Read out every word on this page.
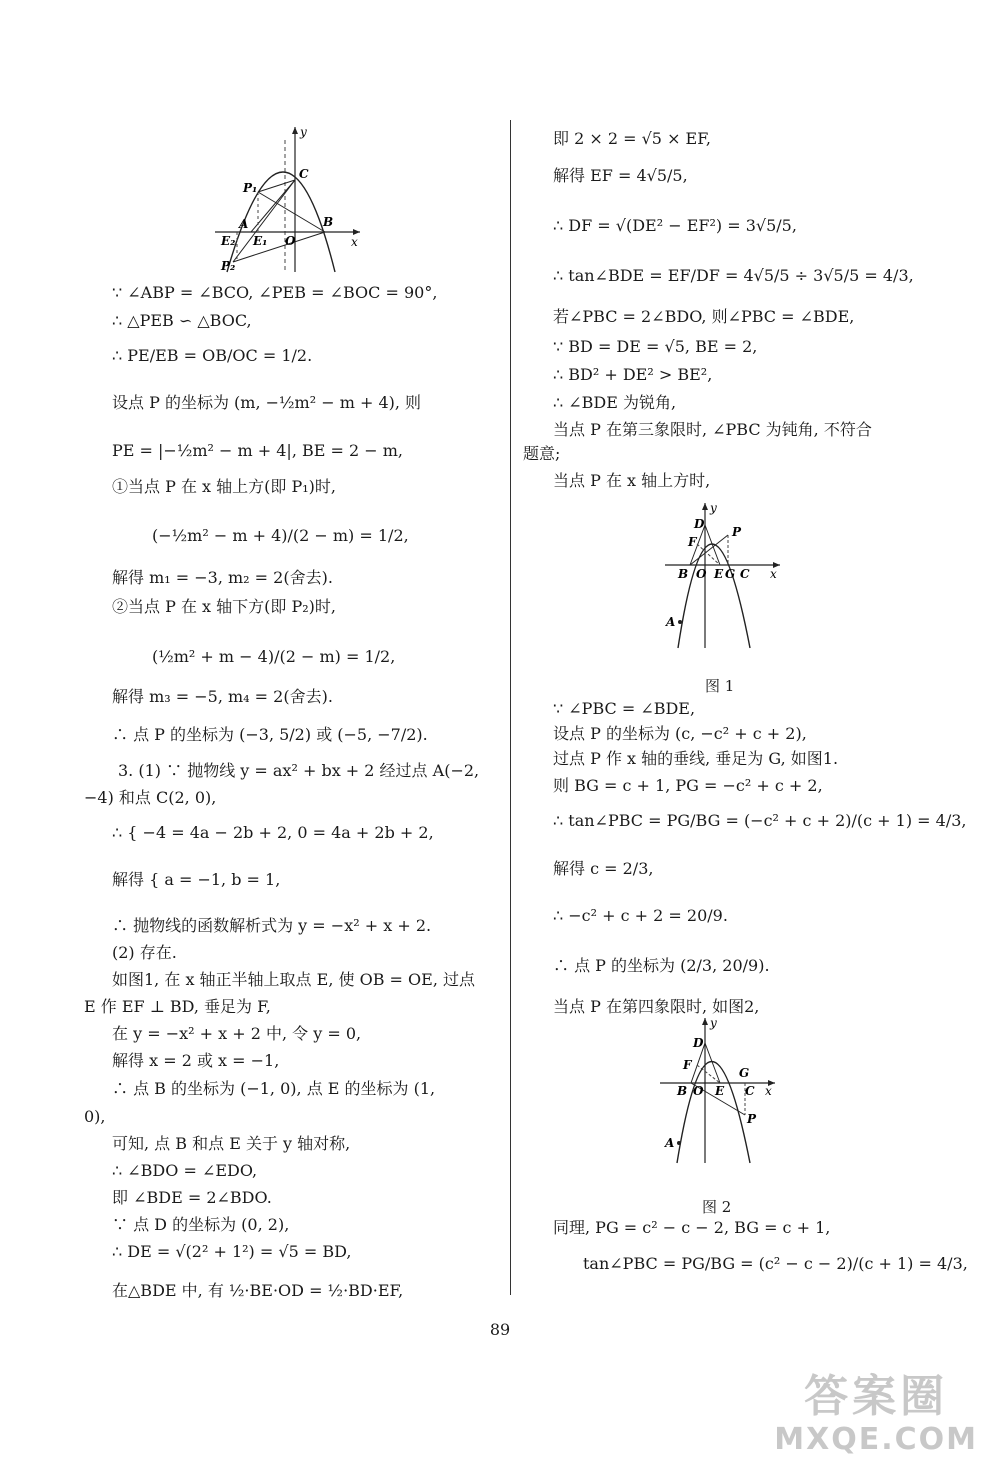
y
x
C
P₁
A	B
E₂ E₁ O
P₂
∵ ∠ABP = ∠BCO, ∠PEB = ∠BOC = 90°,
∴ △PEB ∽ △BOC,
∴ PE/EB = OB/OC = 1/2.
设点 P 的坐标为 (m, −½m² − m + 4), 则
PE = |−½m² − m + 4|, BE = 2 − m,
①当点 P 在 x 轴上方(即 P₁)时,
(−½m² − m + 4)/(2 − m) = 1/2,
解得 m₁ = −3, m₂ = 2(舍去).
②当点 P 在 x 轴下方(即 P₂)时,
(½m² + m − 4)/(2 − m) = 1/2,
解得 m₃ = −5, m₄ = 2(舍去).
∴ 点 P 的坐标为 (−3, 5/2) 或 (−5, −7/2).
3. (1) ∵ 抛物线 y = ax² + bx + 2 经过点 A(−2,
−4) 和点 C(2, 0),
∴ { −4 = 4a − 2b + 2, 0 = 4a + 2b + 2,
解得 { a = −1, b = 1,
∴ 抛物线的函数解析式为 y = −x² + x + 2.
(2) 存在.
如图1, 在 x 轴正半轴上取点 E, 使 OB = OE, 过点
E 作 EF ⊥ BD, 垂足为 F,
在 y = −x² + x + 2 中, 令 y = 0,
解得 x = 2 或 x = −1,
∴ 点 B 的坐标为 (−1, 0), 点 E 的坐标为 (1,
0),
可知, 点 B 和点 E 关于 y 轴对称,
∴ ∠BDO = ∠EDO,
即 ∠BDE = 2∠BDO.
∵ 点 D 的坐标为 (0, 2),
∴ DE = √(2² + 1²) = √5 = BD,
在△BDE 中, 有 ½·BE·OD = ½·BD·EF,
即 2 × 2 = √5 × EF,
解得 EF = 4√5/5,
∴ DF = √(DE² − EF²) = 3√5/5,
∴ tan∠BDE = EF/DF = 4√5/5 ÷ 3√5/5 = 4/3,
若∠PBC = 2∠BDO, 则∠PBC = ∠BDE,
∵ BD = DE = √5, BE = 2,
∴ BD² + DE² > BE²,
∴ ∠BDE 为锐角,
当点 P 在第三象限时, ∠PBC 为钝角, 不符合
题意;
当点 P 在 x 轴上方时,
∵ ∠PBC = ∠BDE,
设点 P 的坐标为 (c, −c² + c + 2),
过点 P 作 x 轴的垂线, 垂足为 G, 如图1.
则 BG = c + 1, PG = −c² + c + 2,
∴ tan∠PBC = PG/BG = (−c² + c + 2)/(c + 1) = 4/3,
解得 c = 2/3,
∴ −c² + c + 2 = 20/9.
∴ 点 P 的坐标为 (2/3, 20/9).
当点 P 在第四象限时, 如图2,
同理, PG = c² − c − 2, BG = c + 1,
tan∠PBC = PG/BG = (c² − c − 2)/(c + 1) = 4/3,
y
x
D
P
F
B O E G C
A
图 1
y
x
D
F
G
B O E C
P
A
图 2
89
答案圈
MXQE.COM
